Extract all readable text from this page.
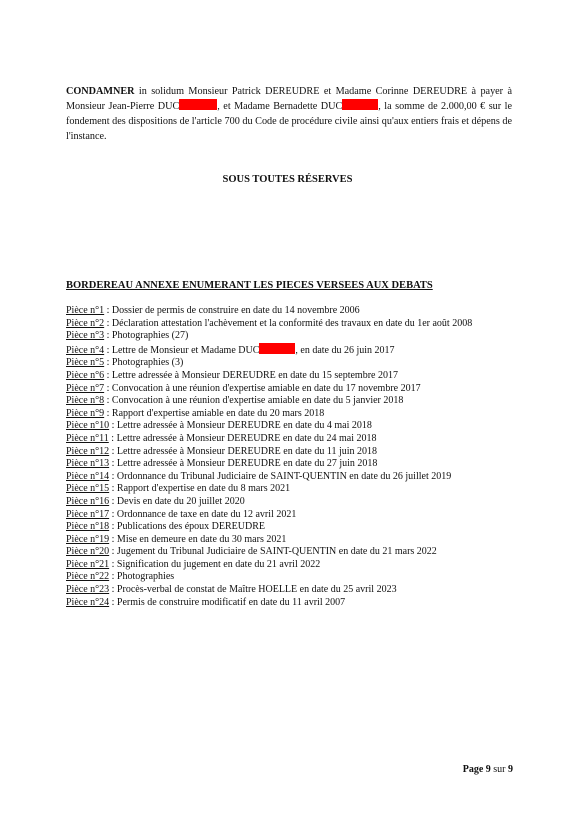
CONDAMNER in solidum Monsieur Patrick DEREUDRE et Madame Corinne DEREUDRE à payer à Monsieur Jean-Pierre DUC	, et Madame Bernadette DUC	, la somme de 2.000,00 € sur le fondement des dispositions de l'article 700 du Code de procédure civile ainsi qu'aux entiers frais et dépens de l'instance.

SOUS TOUTES RÉSERVES
BORDEREAU ANNEXE ENUMERANT LES PIECES VERSEES AUX DEBATS
Pièce n°1 : Dossier de permis de construire en date du 14 novembre 2006
Pièce n°2 : Déclaration attestation l'achèvement et la conformité des travaux en date du 1er août 2008
Pièce n°3 : Photographies (27)
Pièce n°4 : Lettre de Monsieur et Madame DUC	, en date du 26 juin 2017
Pièce n°5 : Photographies (3)
Pièce n°6 : Lettre adressée à Monsieur DEREUDRE en date du 15 septembre 2017
Pièce n°7 : Convocation à une réunion d'expertise amiable en date du 17 novembre 2017
Pièce n°8 : Convocation à une réunion d'expertise amiable en date du 5 janvier 2018
Pièce n°9 : Rapport d'expertise amiable en date du 20 mars 2018
Pièce n°10 : Lettre adressée à Monsieur DEREUDRE en date du 4 mai 2018
Pièce n°11 : Lettre adressée à Monsieur DEREUDRE en date du 24 mai 2018
Pièce n°12 : Lettre adressée à Monsieur DEREUDRE en date du 11 juin 2018
Pièce n°13 : Lettre adressée à Monsieur DEREUDRE en date du 27 juin 2018
Pièce n°14 : Ordonnance du Tribunal Judiciaire de SAINT-QUENTIN en date du 26 juillet 2019
Pièce n°15 : Rapport d'expertise en date du 8 mars 2021
Pièce n°16 : Devis en date du 20 juillet 2020
Pièce n°17 : Ordonnance de taxe en date du 12 avril 2021
Pièce n°18 : Publications des époux DEREUDRE
Pièce n°19 : Mise en demeure en date du 30 mars 2021
Pièce n°20 : Jugement du Tribunal Judiciaire de SAINT-QUENTIN en date du 21 mars 2022
Pièce n°21 : Signification du jugement en date du 21 avril 2022
Pièce n°22 : Photographies
Pièce n°23 : Procès-verbal de constat de Maître HOELLE en date du 25 avril 2023
Pièce n°24 : Permis de construire modificatif en date du 11 avril 2007
Page 9 sur 9
